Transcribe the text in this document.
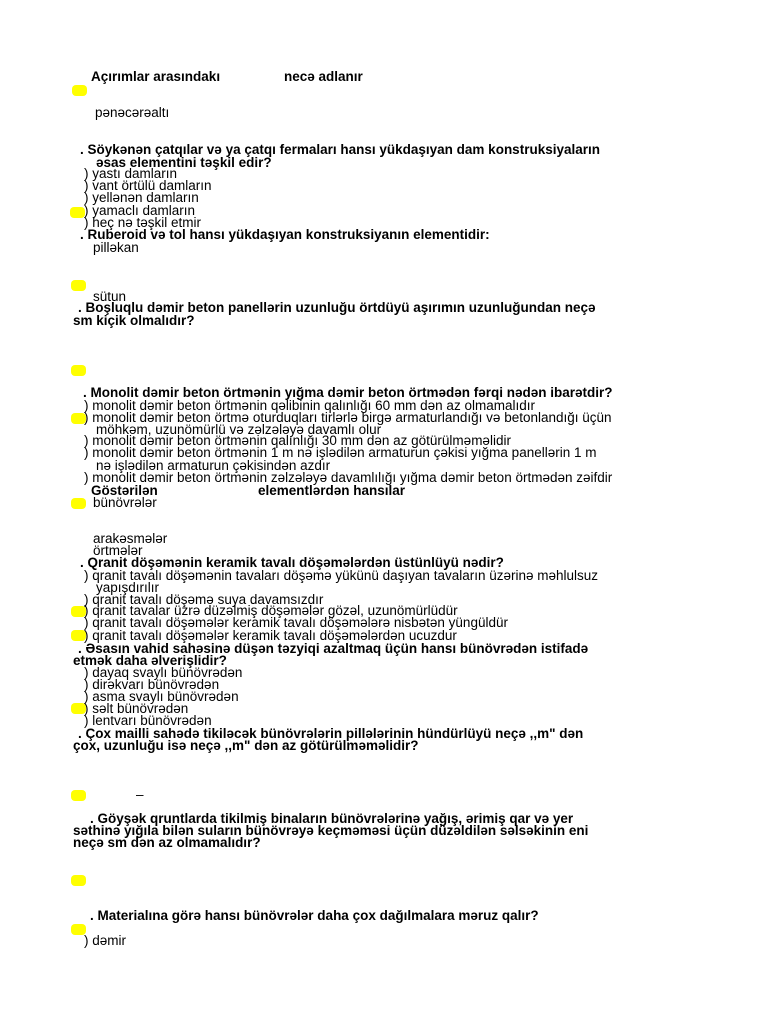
Açırımlar arasındakı	necə adlanır

pənəcərəaltı

. Söykənən çatqılar və ya çatqı fermaları hansı yükdaşıyan dam konstruksiyaların

əsas elementini təşkil edir?

) yastı damların

) vant örtülü damların

) yellənən damların

) yamaclı damların

) heç nə təşkil etmir

. Ruberoid və tol hansı yükdaşıyan konstruksiyanın elementidir:

pilləkan

sütun

. Boşluqlu dəmir beton panellərin uzunluğu örtdüyü aşırımın uzunluğundan neçə

sm kiçik olmalıdır?

. Monolit dəmir beton örtmənin yığma dəmir beton örtmədən fərqi nədən ibarətdir?

) monolit dəmir beton örtmənin qəlibinin qalınlığı 60 mm dən az olmamalıdır

) monolit dəmir beton örtmə oturduqları tirlərlə birgə armaturlandığı və betonlandığı üçün

möhkəm, uzunömürlü və zəlzələyə davamlı olur

) monolit dəmir beton örtmənin qalınlığı 30 mm dən az götürülməməlidir

) monolit dəmir beton örtmənin 1 m nə işlədilən armaturun çəkisi yığma panellərin 1 m

nə işlədilən armaturun çəkisindən azdır

) monolit dəmir beton örtmənin zəlzələyə davamlılığı yığma dəmir beton örtmədən zəifdir

Göstərilən	elementlərdən hansılar

bünövrələr

arakəsmələr

örtmələr

. Qranit döşəmənin keramik tavalı döşəmələrdən üstünlüyü nədir?

) qranit tavalı döşəmənin tavaları döşəmə yükünü daşıyan tavaların üzərinə məhlulsuz

yapışdırılır

) qranit tavalı döşəmə suya davamsızdır

) qranit tavalar üzrə düzəlmiş döşəmələr gözəl, uzunömürlüdür

) qranit tavalı döşəmələr keramik tavalı döşəmələrə nisbətən yüngüldür

) qranit tavalı döşəmələr keramik tavalı döşəmələrdən ucuzdur

. Əsasın vahid sahəsinə düşən təzyiqi azaltmaq üçün hansı bünövrədən istifadə

etmək daha əlverişlidir?

) dayaq svaylı bünövrədən

) dirəkvarı bünövrədən

) asma svaylı bünövrədən

) səlt bünövrədən

) lentvarı bünövrədən

. Çox mailli sahədə tikiləcək bünövrələrin pillələrinin hündürlüyü neçə ,,m" dən

çox, uzunluğu isə neçə ,,m" dən az götürülməməlidir?

–

. Göyşək qruntlarda tikilmiş binaların bünövrələrinə yağış, ərimiş qar və yer

səthinə yığıla bilən suların bünövrəyə keçməməsi üçün düzəldilən səlsəkinin eni

neçə sm dən az olmamalıdır?

. Materialına görə hansı bünövrələr daha çox dağılmalara məruz qalır?

) dəmir
